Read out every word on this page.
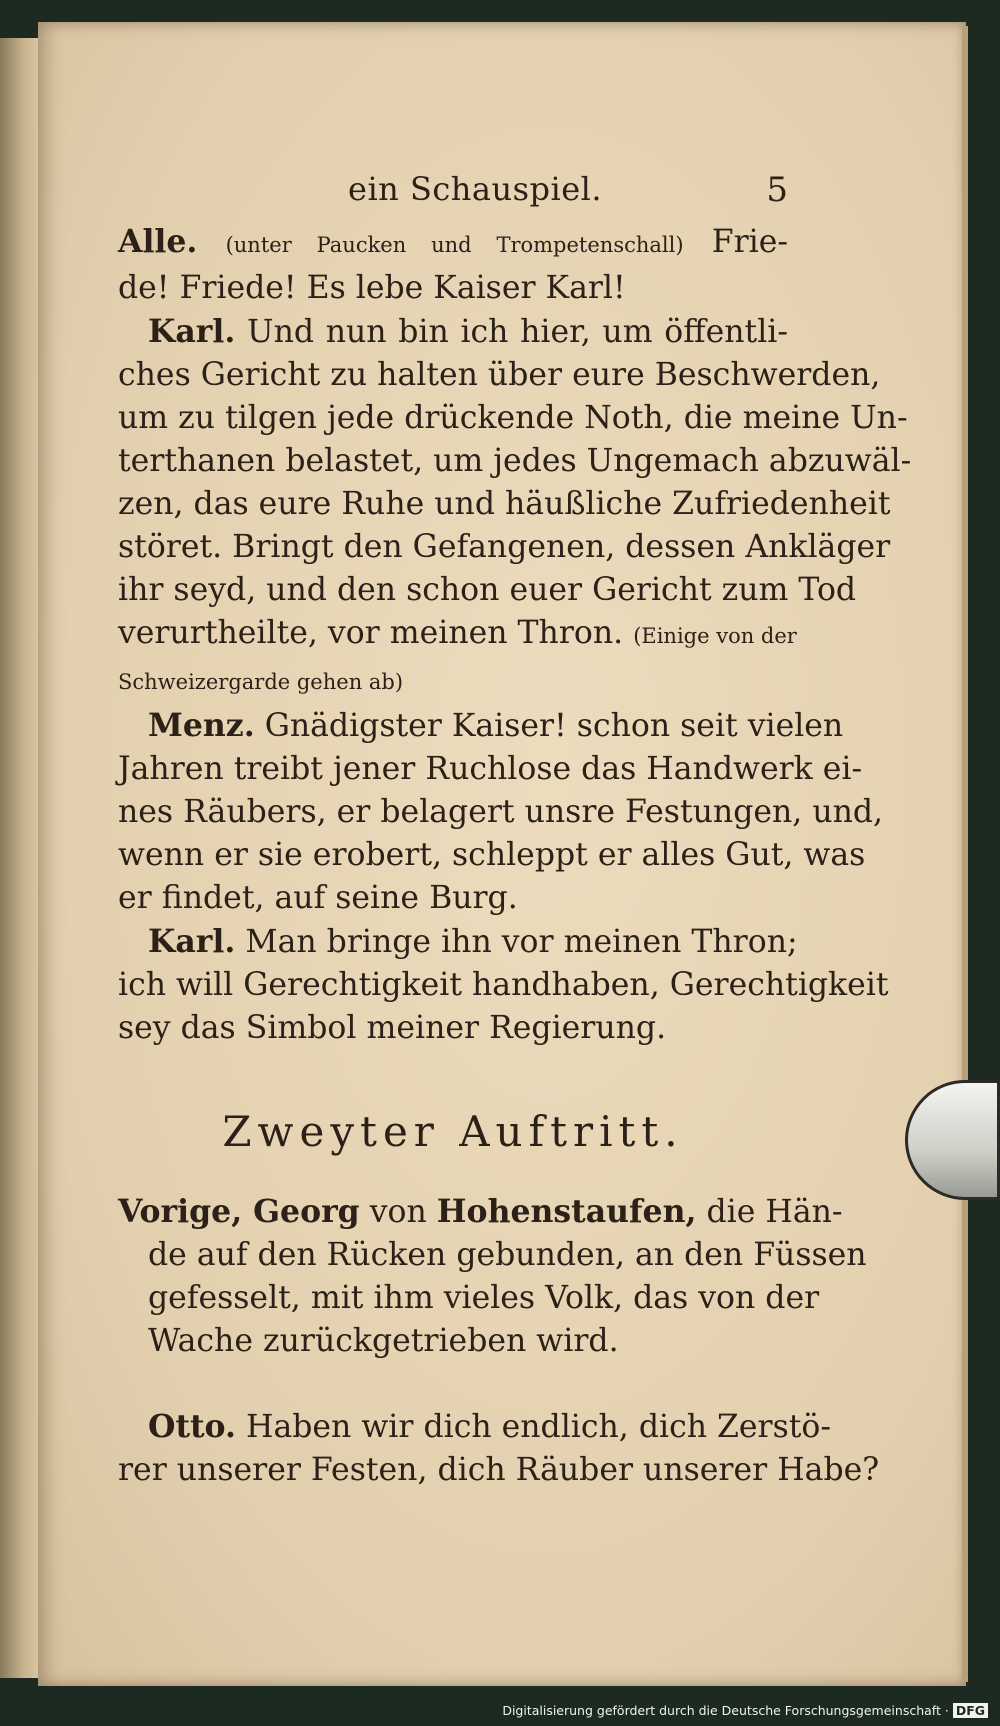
ein Schauspiel.	5
Alle. (unter Paucken und Trompetenschall) Frie-
de! Friede! Es lebe Kaiser Karl!
Karl. Und nun bin ich hier, um öffentli-
ches Gericht zu halten über eure Beschwerden,
um zu tilgen jede drückende Noth, die meine Un-
terthanen belastet, um jedes Ungemach abzuwäl-
zen, das eure Ruhe und häußliche Zufriedenheit
störet. Bringt den Gefangenen, dessen Ankläger
ihr seyd, und den schon euer Gericht zum Tod
verurtheilte, vor meinen Thron. (Einige von der
Schweizergarde gehen ab)
Menz. Gnädigster Kaiser! schon seit vielen
Jahren treibt jener Ruchlose das Handwerk ei-
nes Räubers, er belagert unsre Festungen, und,
wenn er sie erobert, schleppt er alles Gut, was
er findet, auf seine Burg.
Karl. Man bringe ihn vor meinen Thron;
ich will Gerechtigkeit handhaben, Gerechtigkeit
sey das Simbol meiner Regierung.
Zweyter Auftritt.
Vorige, Georg von Hohenstaufen, die Hän-
de auf den Rücken gebunden, an den Füssen
gefesselt, mit ihm vieles Volk, das von der
Wache zurückgetrieben wird.
Otto. Haben wir dich endlich, dich Zerstö-
rer unserer Festen, dich Räuber unserer Habe?
Digitalisierung gefördert durch die Deutsche Forschungsgemeinschaft · DFG
